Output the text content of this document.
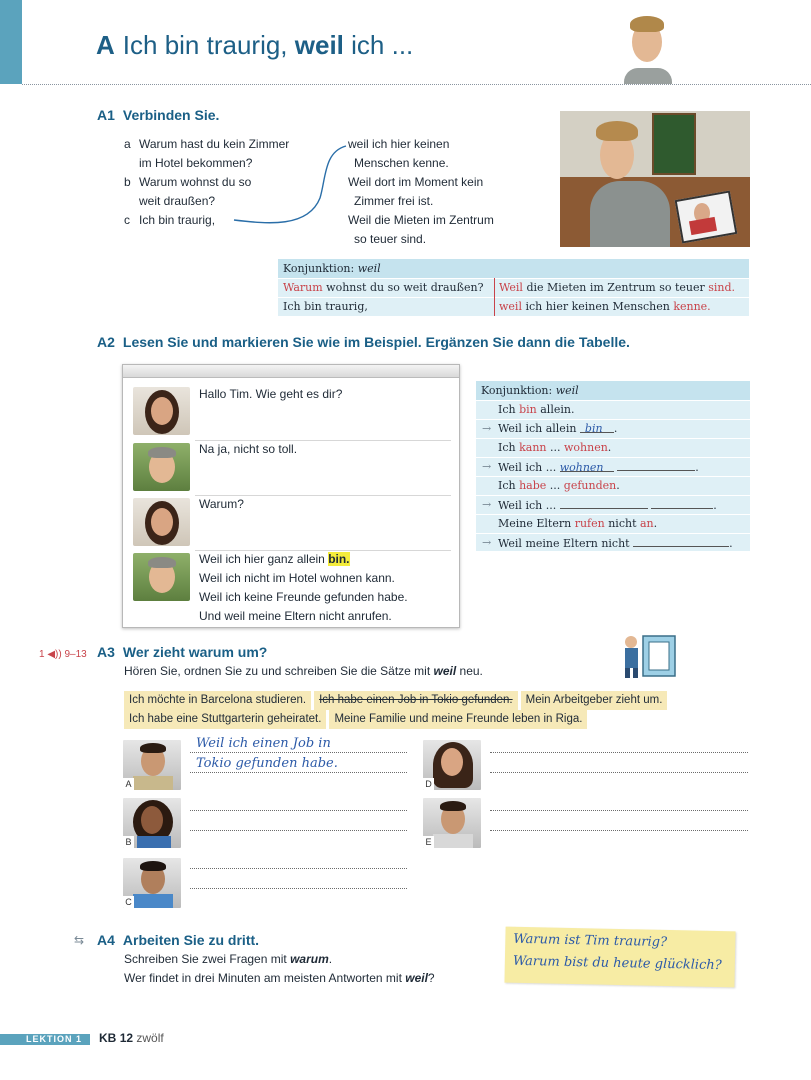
A Ich bin traurig, weil ich ...
A1 Verbinden Sie.
a Warum hast du kein Zimmer
im Hotel bekommen?
b Warum wohnst du so
weit draußen?
c Ich bin traurig,
weil ich hier keinen
Menschen kenne.
Weil dort im Moment kein
Zimmer frei ist.
Weil die Mieten im Zentrum
so teuer sind.
Konjunktion: weil
Warum wohnst du so weit draußen?	Weil die Mieten im Zentrum so teuer sind.
Ich bin traurig,	weil ich hier keinen Menschen kenne.
A2 Lesen Sie und markieren Sie wie im Beispiel. Ergänzen Sie dann die Tabelle.
Hallo Tim. Wie geht es dir?
Na ja, nicht so toll.
Warum?
Weil ich hier ganz allein bin.
Weil ich nicht im Hotel wohnen kann.
Weil ich keine Freunde gefunden habe.
Und weil meine Eltern nicht anrufen.
Konjunktion: weil
Ich bin allein.
→ Weil ich allein bin .
Ich kann ... wohnen.
→ Weil ich ... wohnen	.
Ich habe ... gefunden.
→ Weil ich ...	.
Meine Eltern rufen nicht an.
→ Weil meine Eltern nicht	.
1 ◀)) 9–13 A3 Wer zieht warum um?
Hören Sie, ordnen Sie zu und schreiben Sie die Sätze mit weil neu.
Ich möchte in Barcelona studieren. Ich habe einen Job in Tokio gefunden. Mein Arbeitgeber zieht um.
Ich habe eine Stuttgarterin geheiratet. Meine Familie und meine Freunde leben in Riga.
A
B
C
D
E
Weil ich einen Job in
Tokio gefunden habe.
⇆ A4 Arbeiten Sie zu dritt.
Schreiben Sie zwei Fragen mit warum.
Wer findet in drei Minuten am meisten Antworten mit weil?
Warum ist Tim traurig?
Warum bist du heute glücklich?
LEKTION 1 KB 12 zwölf
